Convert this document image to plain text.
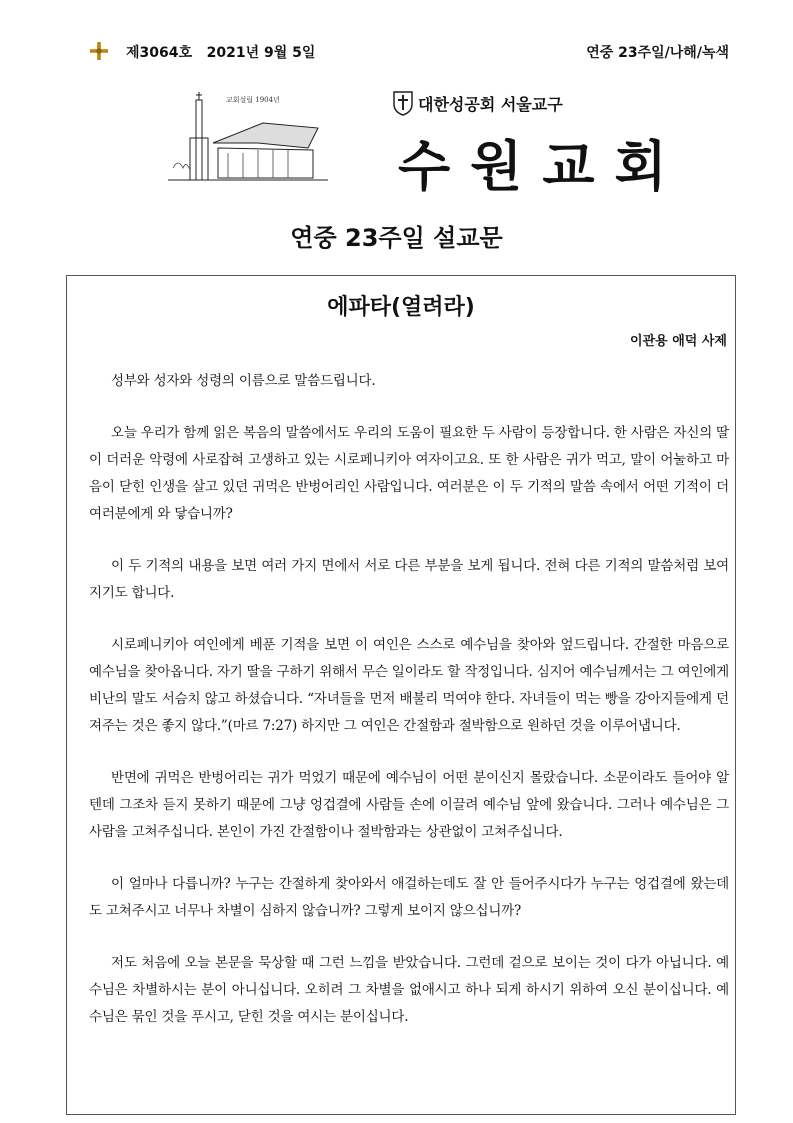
제3064호   2021년 9월 5일	연중 23주일/나해/녹색
교회설립 1904년	대한성공회 서울교구
수원교회
연중 23주일 설교문
에파타(열려라)
이관용 애덕 사제

성부와 성자와 성령의 이름으로 말씀드립니다.

오늘 우리가 함께 읽은 복음의 말씀에서도 우리의 도움이 필요한 두 사람이 등장합니다. 한 사람은 자신의 딸이 더러운 악령에 사로잡혀 고생하고 있는 시로페니키아 여자이고요. 또 한 사람은 귀가 먹고, 말이 어눌하고 마음이 닫힌 인생을 살고 있던 귀먹은 반벙어리인 사람입니다. 여러분은 이 두 기적의 말씀 속에서 어떤 기적이 더 여러분에게 와 닿습니까?

이 두 기적의 내용을 보면 여러 가지 면에서 서로 다른 부분을 보게 됩니다. 전혀 다른 기적의 말씀처럼 보여지기도 합니다.

시로페니키아 여인에게 베푼 기적을 보면 이 여인은 스스로 예수님을 찾아와 엎드립니다. 간절한 마음으로 예수님을 찾아옵니다. 자기 딸을 구하기 위해서 무슨 일이라도 할 작정입니다. 심지어 예수님께서는 그 여인에게 비난의 말도 서슴치 않고 하셨습니다. “자녀들을 먼저 배불리 먹여야 한다. 자녀들이 먹는 빵을 강아지들에게 던져주는 것은 좋지 않다.”(마르 7:27) 하지만 그 여인은 간절함과 절박함으로 원하던 것을 이루어냅니다.

반면에 귀먹은 반벙어리는 귀가 먹었기 때문에 예수님이 어떤 분이신지 몰랐습니다. 소문이라도 들어야 알 텐데 그조차 듣지 못하기 때문에 그냥 엉겁결에 사람들 손에 이끌려 예수님 앞에 왔습니다. 그러나 예수님은 그 사람을 고쳐주십니다. 본인이 가진 간절함이나 절박함과는 상관없이 고쳐주십니다.

이 얼마나 다릅니까? 누구는 간절하게 찾아와서 애걸하는데도 잘 안 들어주시다가 누구는 엉겁결에 왔는데도 고쳐주시고 너무나 차별이 심하지 않습니까? 그렇게 보이지 않으십니까?

저도 처음에 오늘 본문을 묵상할 때 그런 느낌을 받았습니다. 그런데 겉으로 보이는 것이 다가 아닙니다. 예수님은 차별하시는 분이 아니십니다. 오히려 그 차별을 없애시고 하나 되게 하시기 위하여 오신 분이십니다. 예수님은 묶인 것을 푸시고, 닫힌 것을 여시는 분이십니다.
